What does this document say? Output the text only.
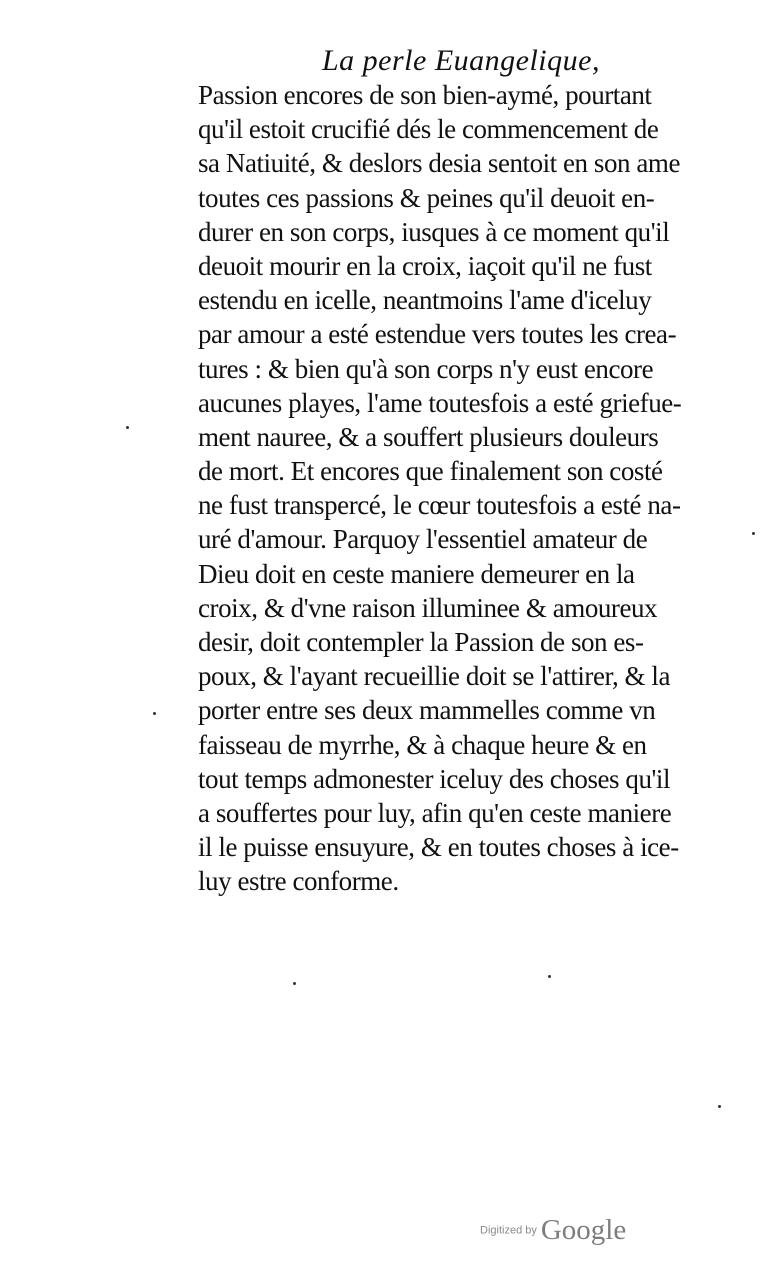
La perle Euangelique,
Passion encores de son bien-aymé, pourtant
qu'il estoit crucifié dés le commencement de
sa Natiuité, & deslors desia sentoit en son ame
toutes ces passions & peines qu'il deuoit en-
durer en son corps, iusques à ce moment qu'il
deuoit mourir en la croix, iaçoit qu'il ne fust
estendu en icelle, neantmoins l'ame d'iceluy
par amour a esté estendue vers toutes les crea-
tures : & bien qu'à son corps n'y eust encore
aucunes playes, l'ame toutesfois a esté griefue-
ment nauree, & a souffert plusieurs douleurs
de mort. Et encores que finalement son costé
ne fust transpercé, le cœur toutesfois a esté na-
uré d'amour. Parquoy l'essentiel amateur de
Dieu doit en ceste maniere demeurer en la
croix, & d'vne raison illuminee & amoureux
desir, doit contempler la Passion de son es-
poux, & l'ayant recueillie doit se l'attirer, & la
porter entre ses deux mammelles comme vn
faisseau de myrrhe, & à chaque heure & en
tout temps admonester iceluy des choses qu'il
a souffertes pour luy, afin qu'en ceste maniere
il le puisse ensuyure, & en toutes choses à ice-
luy estre conforme.
Digitized by Google
